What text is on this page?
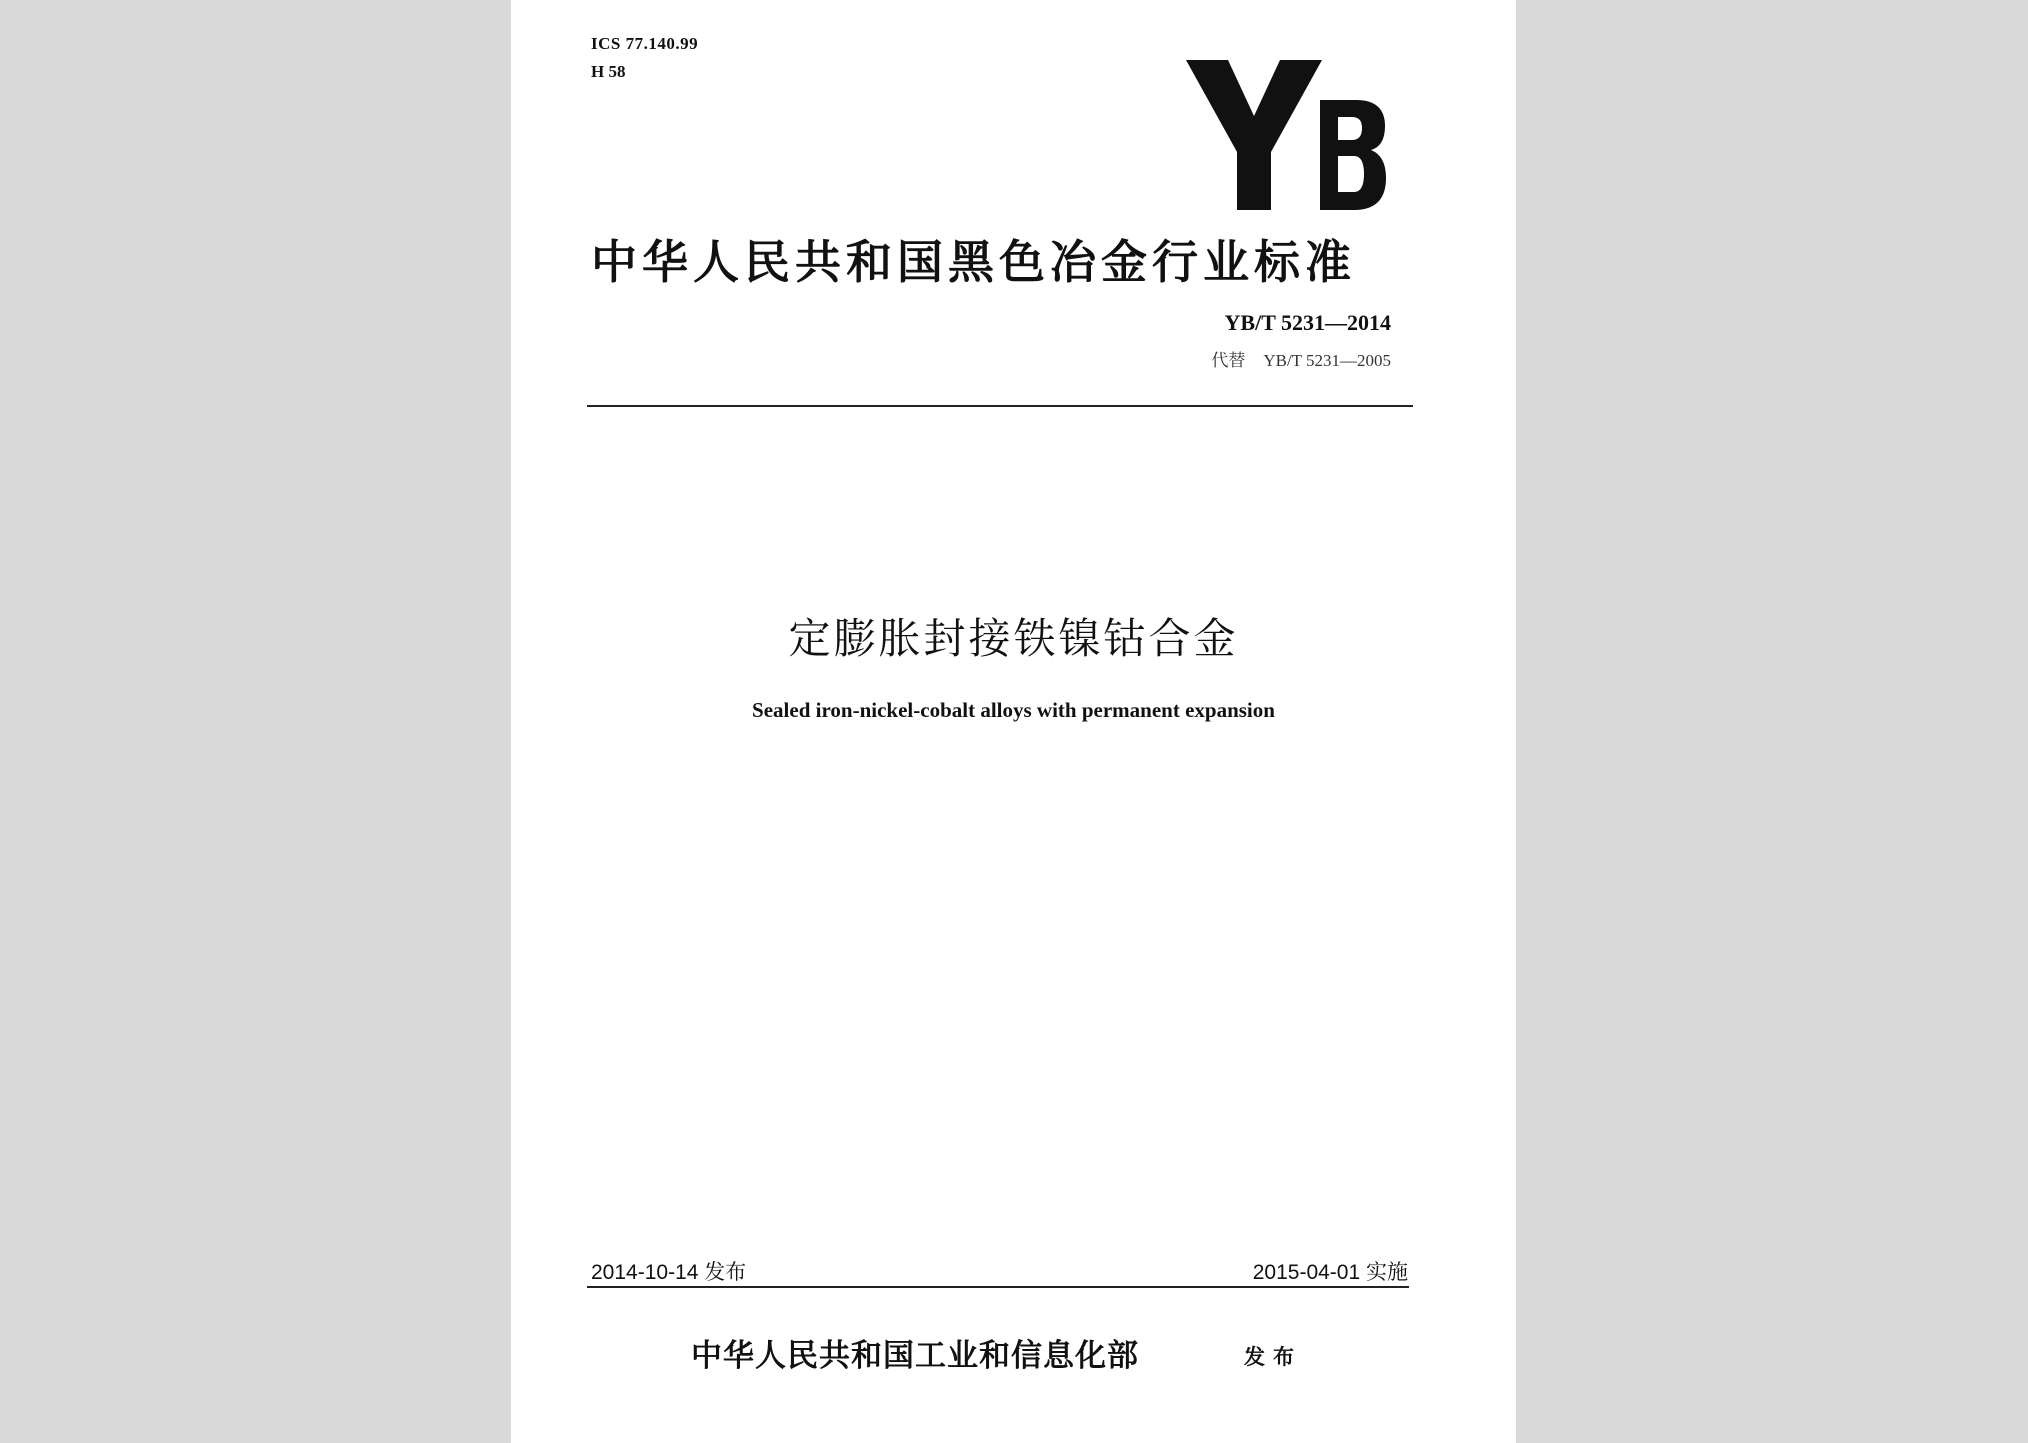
ICS 77.140.99
H 58
中华人民共和国黑色冶金行业标准
YB/T 5231—2014
代替 YB/T 5231—2005
定膨胀封接铁镍钴合金
Sealed iron-nickel-cobalt alloys with permanent expansion
2014-10-14 发布	2015-04-01 实施
中华人民共和国工业和信息化部	发布
